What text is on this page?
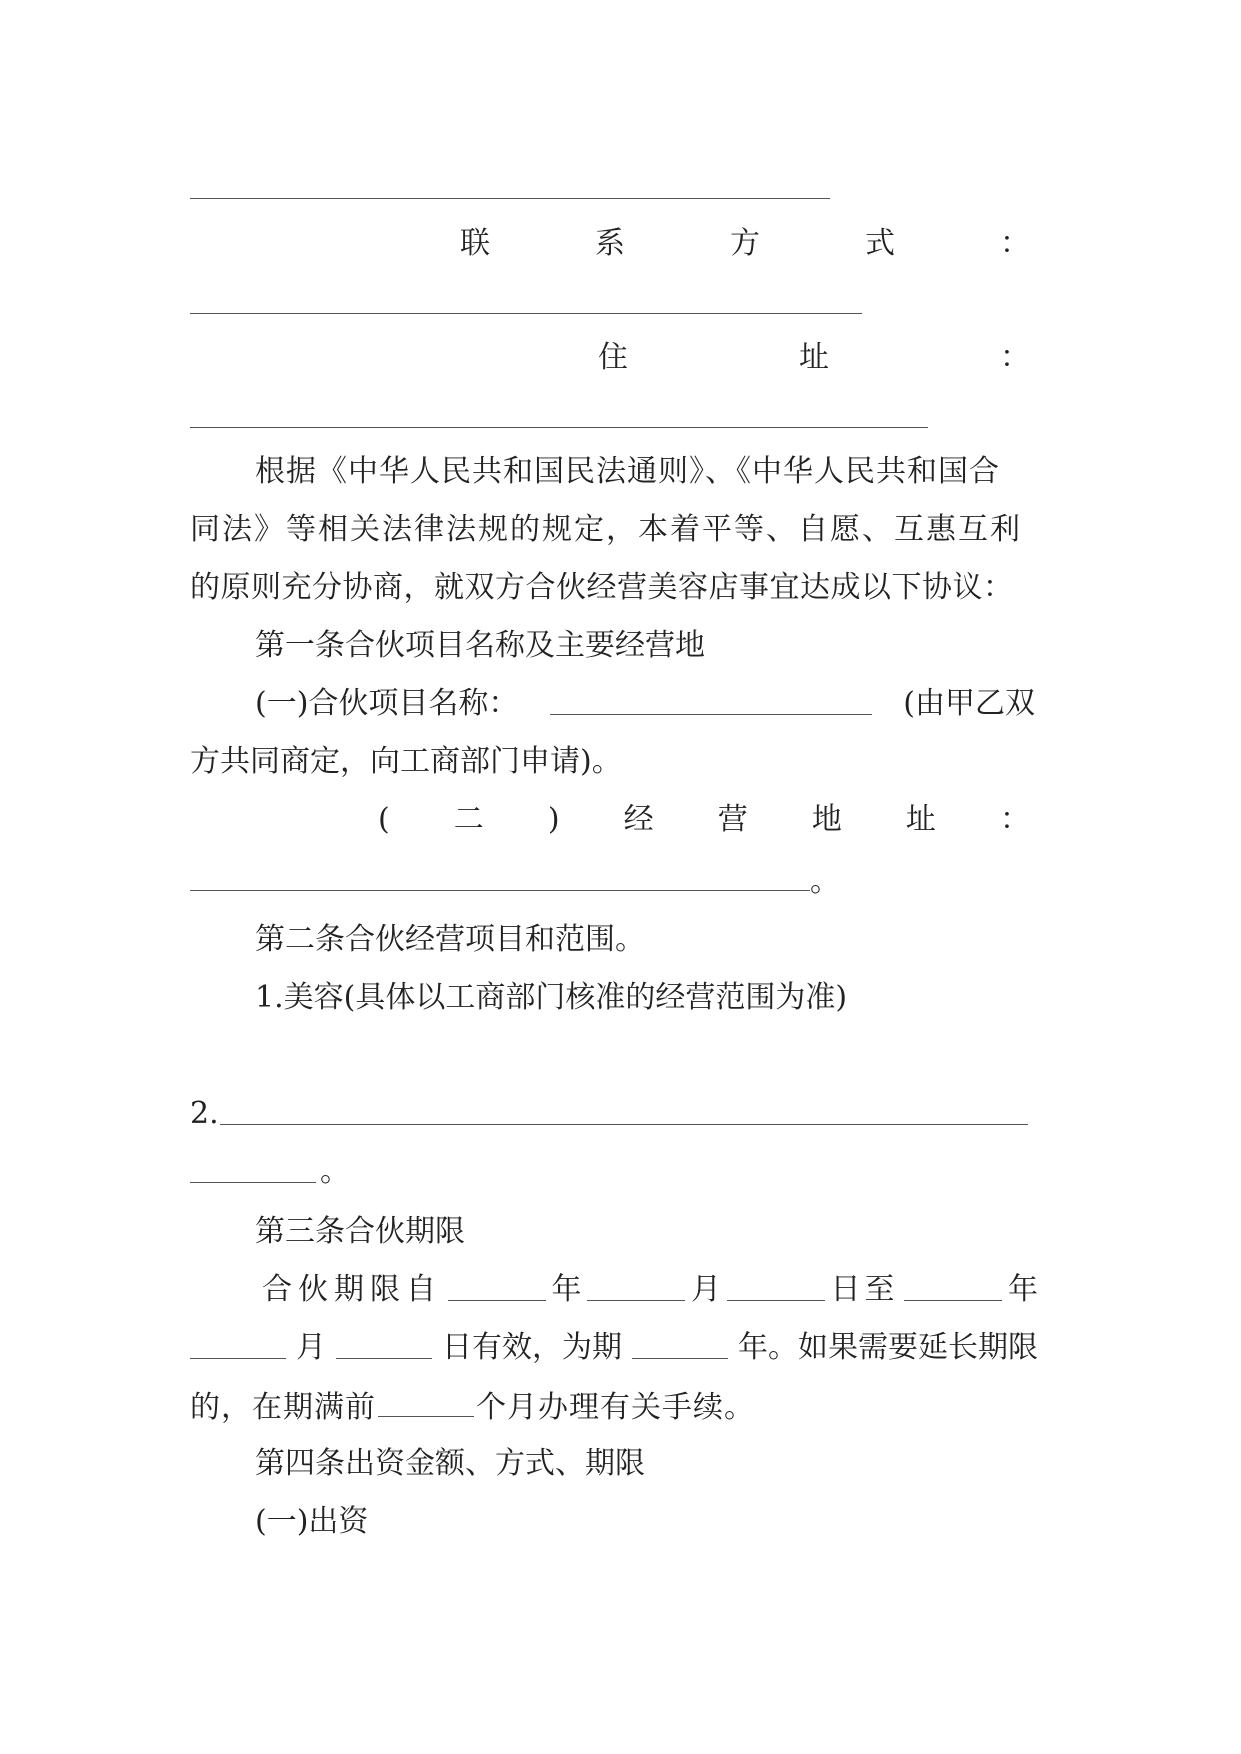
联	系	方	式	：
住	址	：
根据《中华人民共和国民法通则》、《中华人民共和国合
同法》等相关法律法规的规定，本着平等、自愿、互惠互利
的原则充分协商，就双方合伙经营美容店事宜达成以下协议：
第一条合伙项目名称及主要经营地
(一)合伙项目名称：	(由甲乙双
方共同商定，向工商部门申请)。
( 二 ) 经 营 地 址 ：
。
第二条合伙经营项目和范围。
1.美容(具体以工商部门核准的经营范围为准)
2.
。
第三条合伙期限
合伙期限自	年	月	日至	年
月	日有效，为期	年。如果需要延长期限
的，在期满前	个月办理有关手续。
第四条出资金额、方式、期限
(一)出资
